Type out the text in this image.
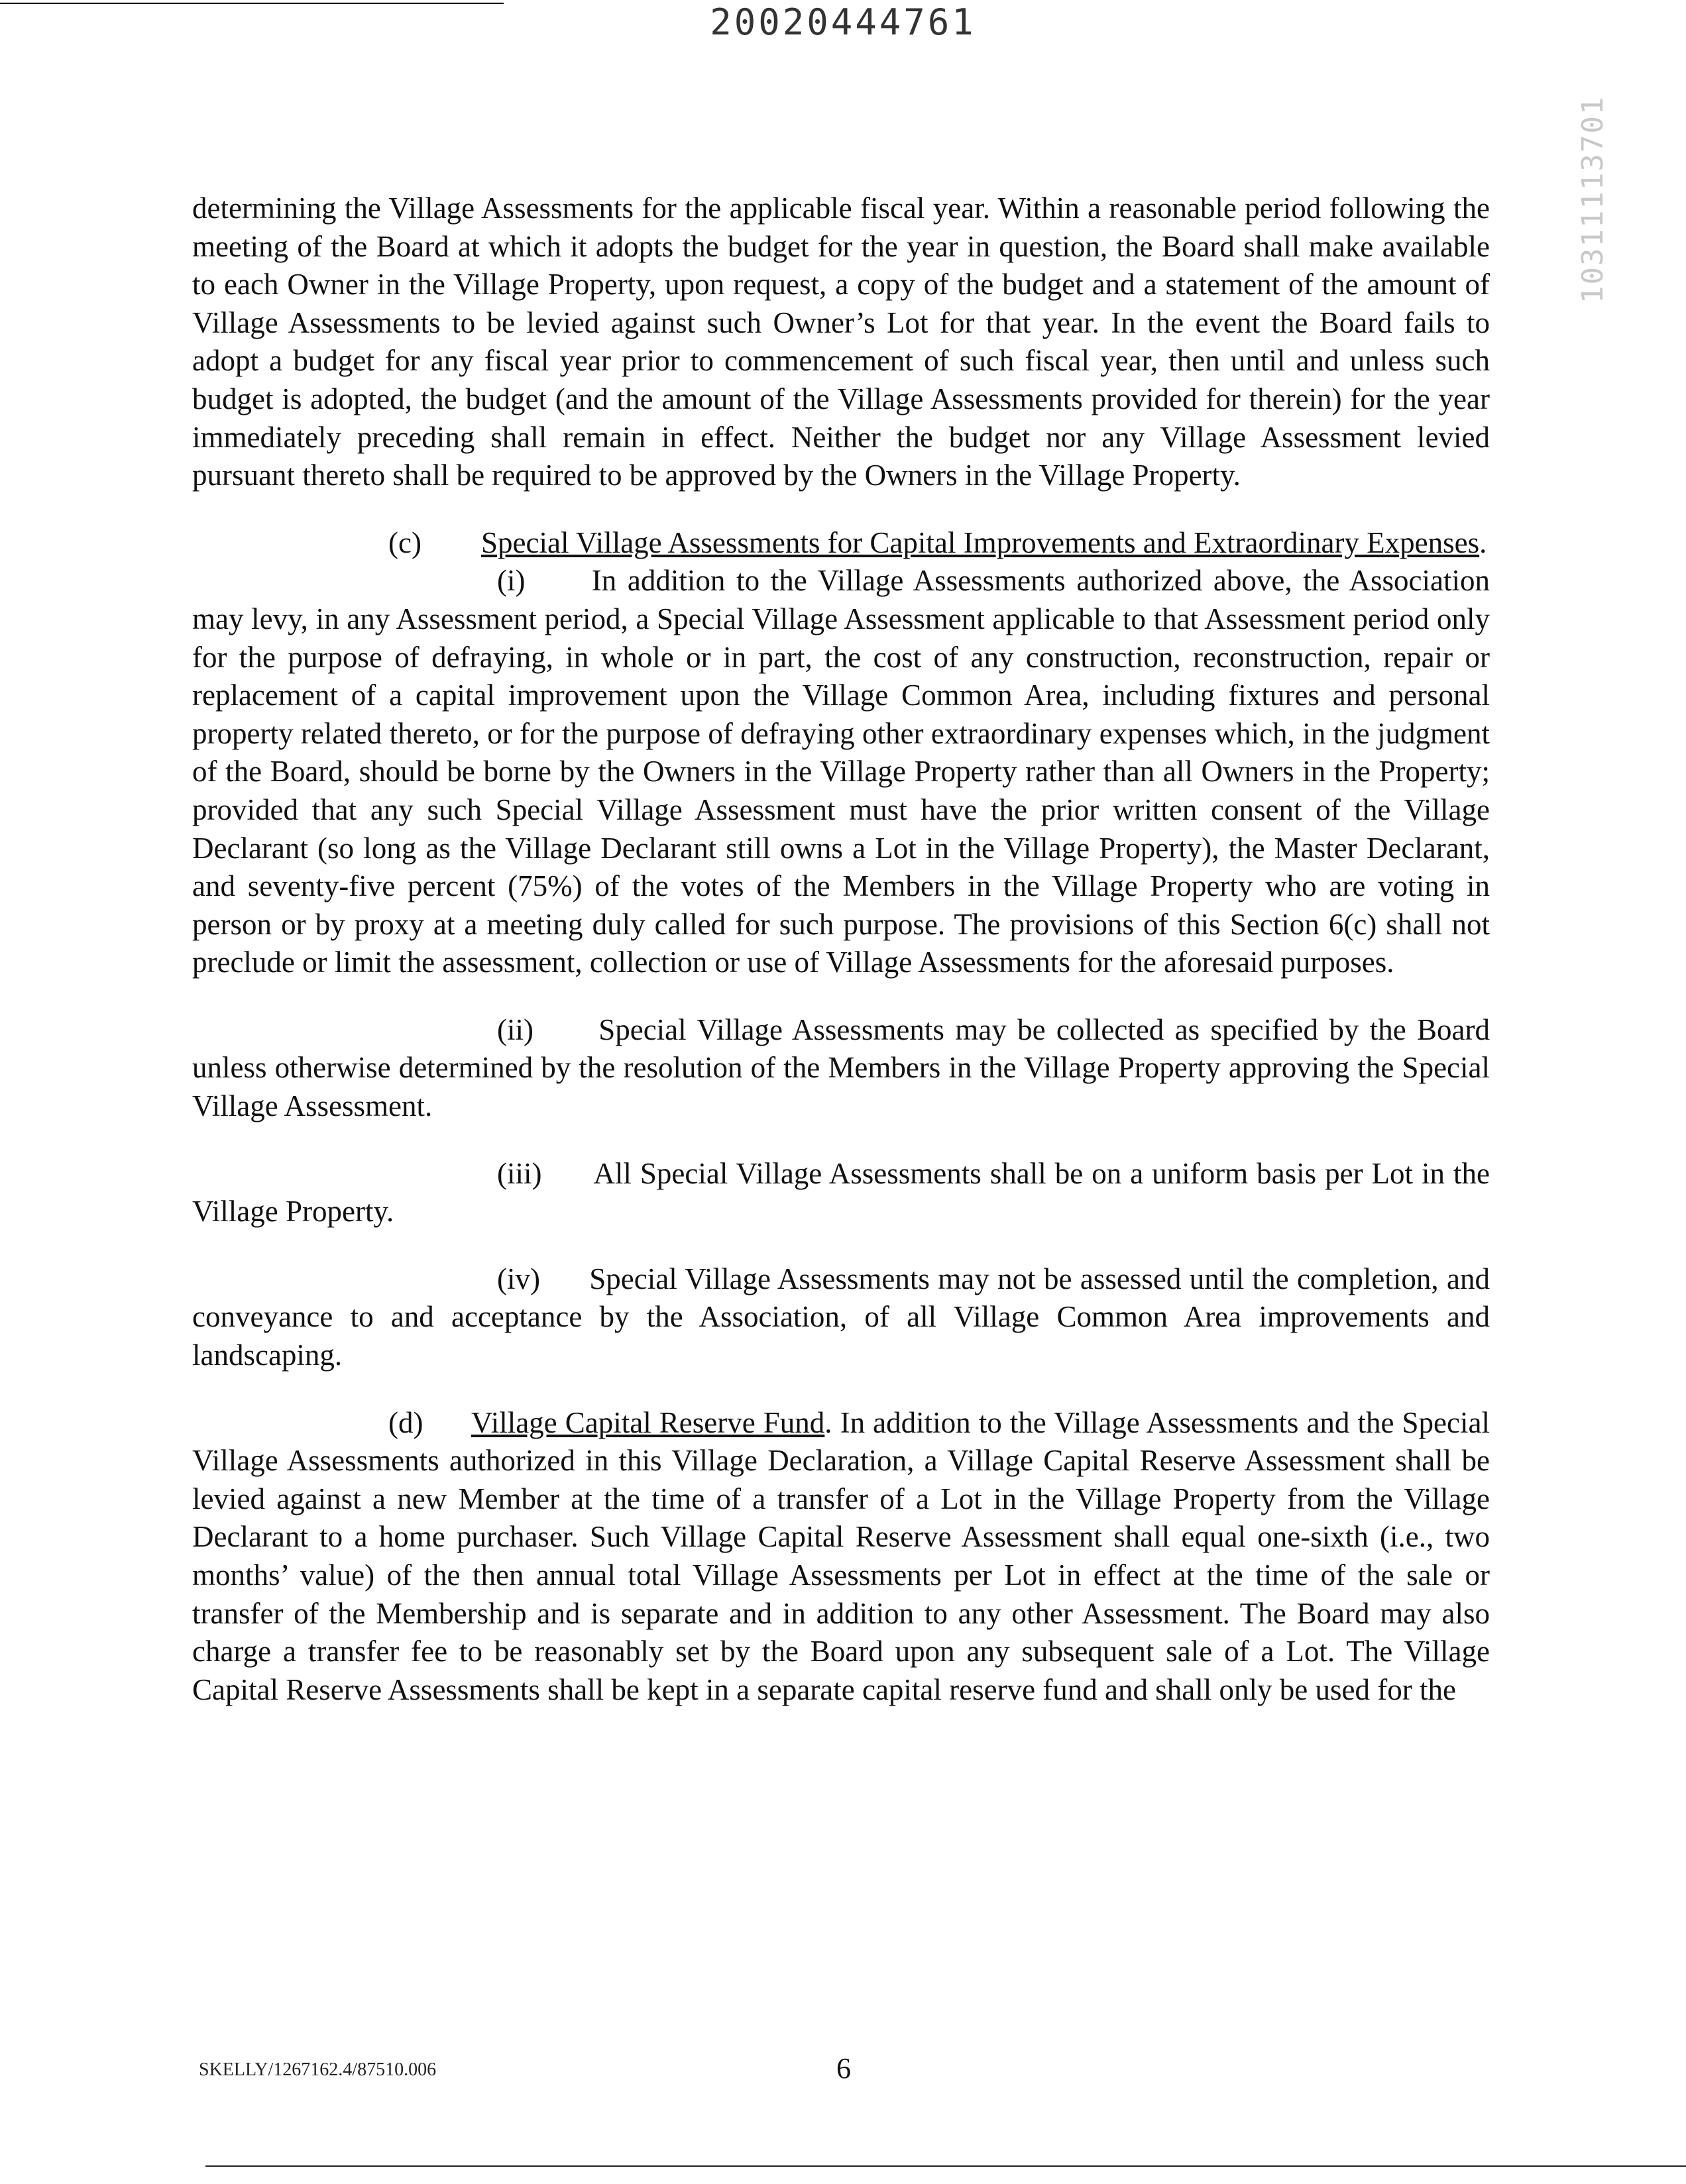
20020444761
10311113701

determining the Village Assessments for the applicable fiscal year. Within a reasonable period following the meeting of the Board at which it adopts the budget for the year in question, the Board shall make available to each Owner in the Village Property, upon request, a copy of the budget and a statement of the amount of Village Assessments to be levied against such Owner’s Lot for that year. In the event the Board fails to adopt a budget for any fiscal year prior to commencement of such fiscal year, then until and unless such budget is adopted, the budget (and the amount of the Village Assessments provided for therein) for the year immediately preceding shall remain in effect. Neither the budget nor any Village Assessment levied pursuant thereto shall be required to be approved by the Owners in the Village Property.

(c) Special Village Assessments for Capital Improvements and Extraordinary Expenses.

(i) In addition to the Village Assessments authorized above, the Association may levy, in any Assessment period, a Special Village Assessment applicable to that Assessment period only for the purpose of defraying, in whole or in part, the cost of any construction, reconstruction, repair or replacement of a capital improvement upon the Village Common Area, including fixtures and personal property related thereto, or for the purpose of defraying other extraordinary expenses which, in the judgment of the Board, should be borne by the Owners in the Village Property rather than all Owners in the Property; provided that any such Special Village Assessment must have the prior written consent of the Village Declarant (so long as the Village Declarant still owns a Lot in the Village Property), the Master Declarant, and seventy-five percent (75%) of the votes of the Members in the Village Property who are voting in person or by proxy at a meeting duly called for such purpose. The provisions of this Section 6(c) shall not preclude or limit the assessment, collection or use of Village Assessments for the aforesaid purposes.

(ii) Special Village Assessments may be collected as specified by the Board unless otherwise determined by the resolution of the Members in the Village Property approving the Special Village Assessment.

(iii) All Special Village Assessments shall be on a uniform basis per Lot in the Village Property.

(iv) Special Village Assessments may not be assessed until the completion, and conveyance to and acceptance by the Association, of all Village Common Area improvements and landscaping.

(d) Village Capital Reserve Fund. In addition to the Village Assessments and the Special Village Assessments authorized in this Village Declaration, a Village Capital Reserve Assessment shall be levied against a new Member at the time of a transfer of a Lot in the Village Property from the Village Declarant to a home purchaser. Such Village Capital Reserve Assessment shall equal one-sixth (i.e., two months’ value) of the then annual total Village Assessments per Lot in effect at the time of the sale or transfer of the Membership and is separate and in addition to any other Assessment. The Board may also charge a transfer fee to be reasonably set by the Board upon any subsequent sale of a Lot. The Village Capital Reserve Assessments shall be kept in a separate capital reserve fund and shall only be used for the

SKELLY/1267162.4/87510.006	6
